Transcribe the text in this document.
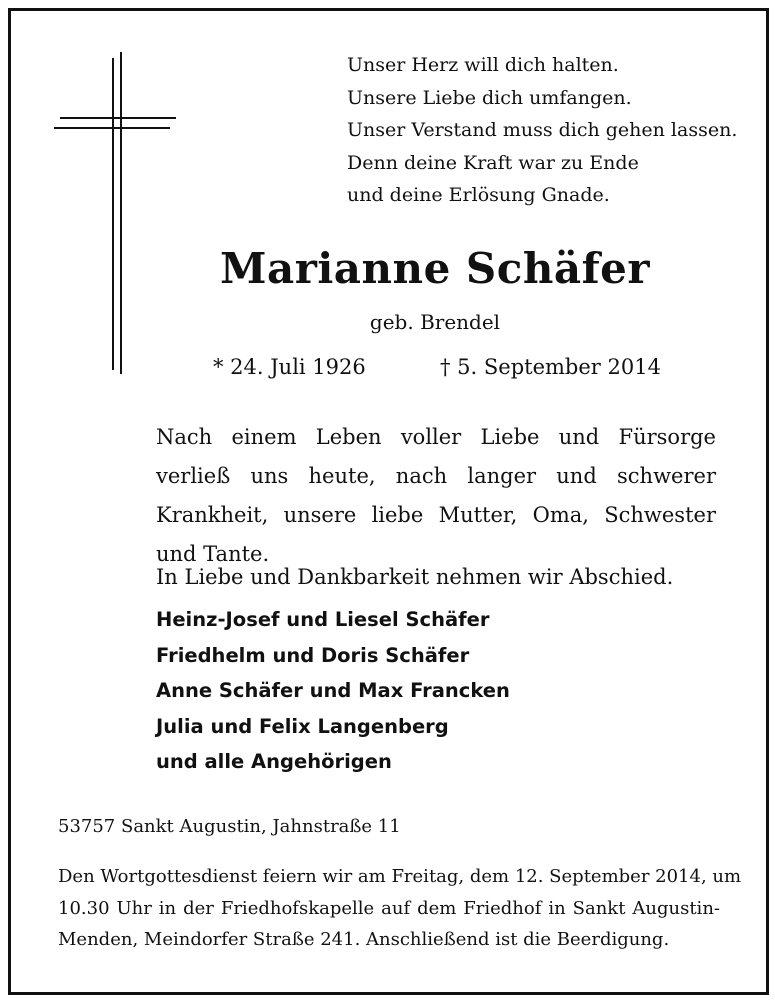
Unser Herz will dich halten.
Unsere Liebe dich umfangen.
Unser Verstand muss dich gehen lassen.
Denn deine Kraft war zu Ende
und deine Erlösung Gnade.
Marianne Schäfer
geb. Brendel
* 24. Juli 1926	† 5. September 2014
Nach einem Leben voller Liebe und Fürsorge verließ uns heute, nach langer und schwerer Krankheit, unsere liebe Mutter, Oma, Schwester und Tante.
In Liebe und Dankbarkeit nehmen wir Abschied.
Heinz-Josef und Liesel Schäfer
Friedhelm und Doris Schäfer
Anne Schäfer und Max Francken
Julia und Felix Langenberg
und alle Angehörigen
53757 Sankt Augustin, Jahnstraße 11
Den Wortgottesdienst feiern wir am Freitag, dem 12. September 2014, um
10.30 Uhr in der Friedhofskapelle auf dem Friedhof in Sankt Augustin-
Menden, Meindorfer Straße 241. Anschließend ist die Beerdigung.
